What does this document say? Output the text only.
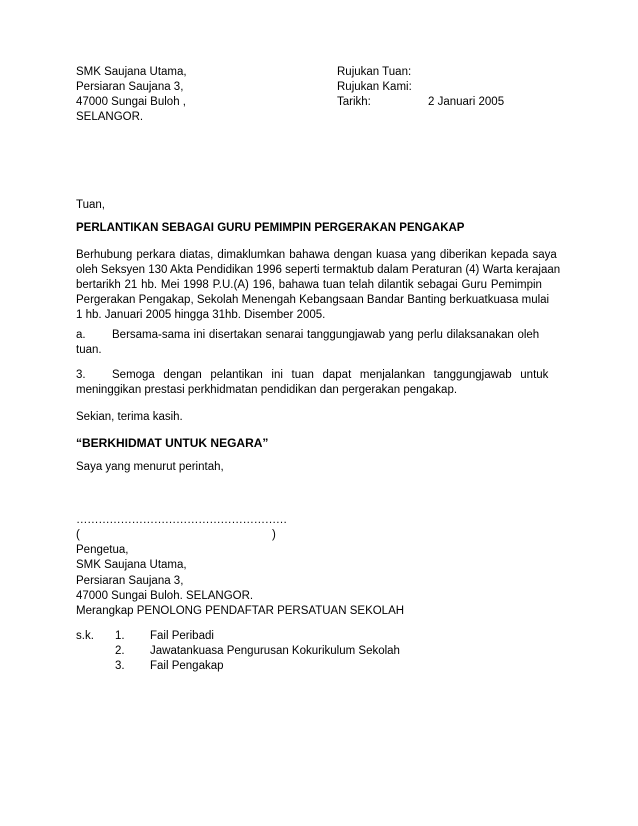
SMK Saujana Utama,
Persiaran Saujana 3,
47000 Sungai Buloh ,
SELANGOR.
Rujukan Tuan:
Rujukan Kami:
Tarikh:	2 Januari 2005
Tuan,
PERLANTIKAN SEBAGAI GURU PEMIMPIN PERGERAKAN PENGAKAP
Berhubung perkara diatas, dimaklumkan bahawa dengan kuasa yang diberikan kepada saya
oleh Seksyen 130 Akta Pendidikan 1996 seperti termaktub dalam Peraturan (4) Warta kerajaan
bertarikh 21 hb. Mei 1998 P.U.(A) 196, bahawa tuan telah dilantik sebagai Guru Pemimpin
Pergerakan Pengakap, Sekolah Menengah Kebangsaan Bandar Banting berkuatkuasa mulai
1 hb. Januari 2005 hingga 31hb. Disember 2005.
a. Bersama-sama ini disertakan senarai tanggungjawab yang perlu dilaksanakan oleh
tuan.
3. Semoga dengan pelantikan ini tuan dapat menjalankan tanggungjawab untuk
meninggikan prestasi perkhidmatan pendidikan dan pergerakan pengakap.
Sekian, terima kasih.
“BERKHIDMAT UNTUK NEGARA”
Saya yang menurut perintah,
…………………………………………………
(	)
Pengetua,
SMK Saujana Utama,
Persiaran Saujana 3,
47000 Sungai Buloh. SELANGOR.
Merangkap PENOLONG PENDAFTAR PERSATUAN SEKOLAH
s.k. 1. Fail Peribadi
2. Jawatankuasa Pengurusan Kokurikulum Sekolah
3. Fail Pengakap
